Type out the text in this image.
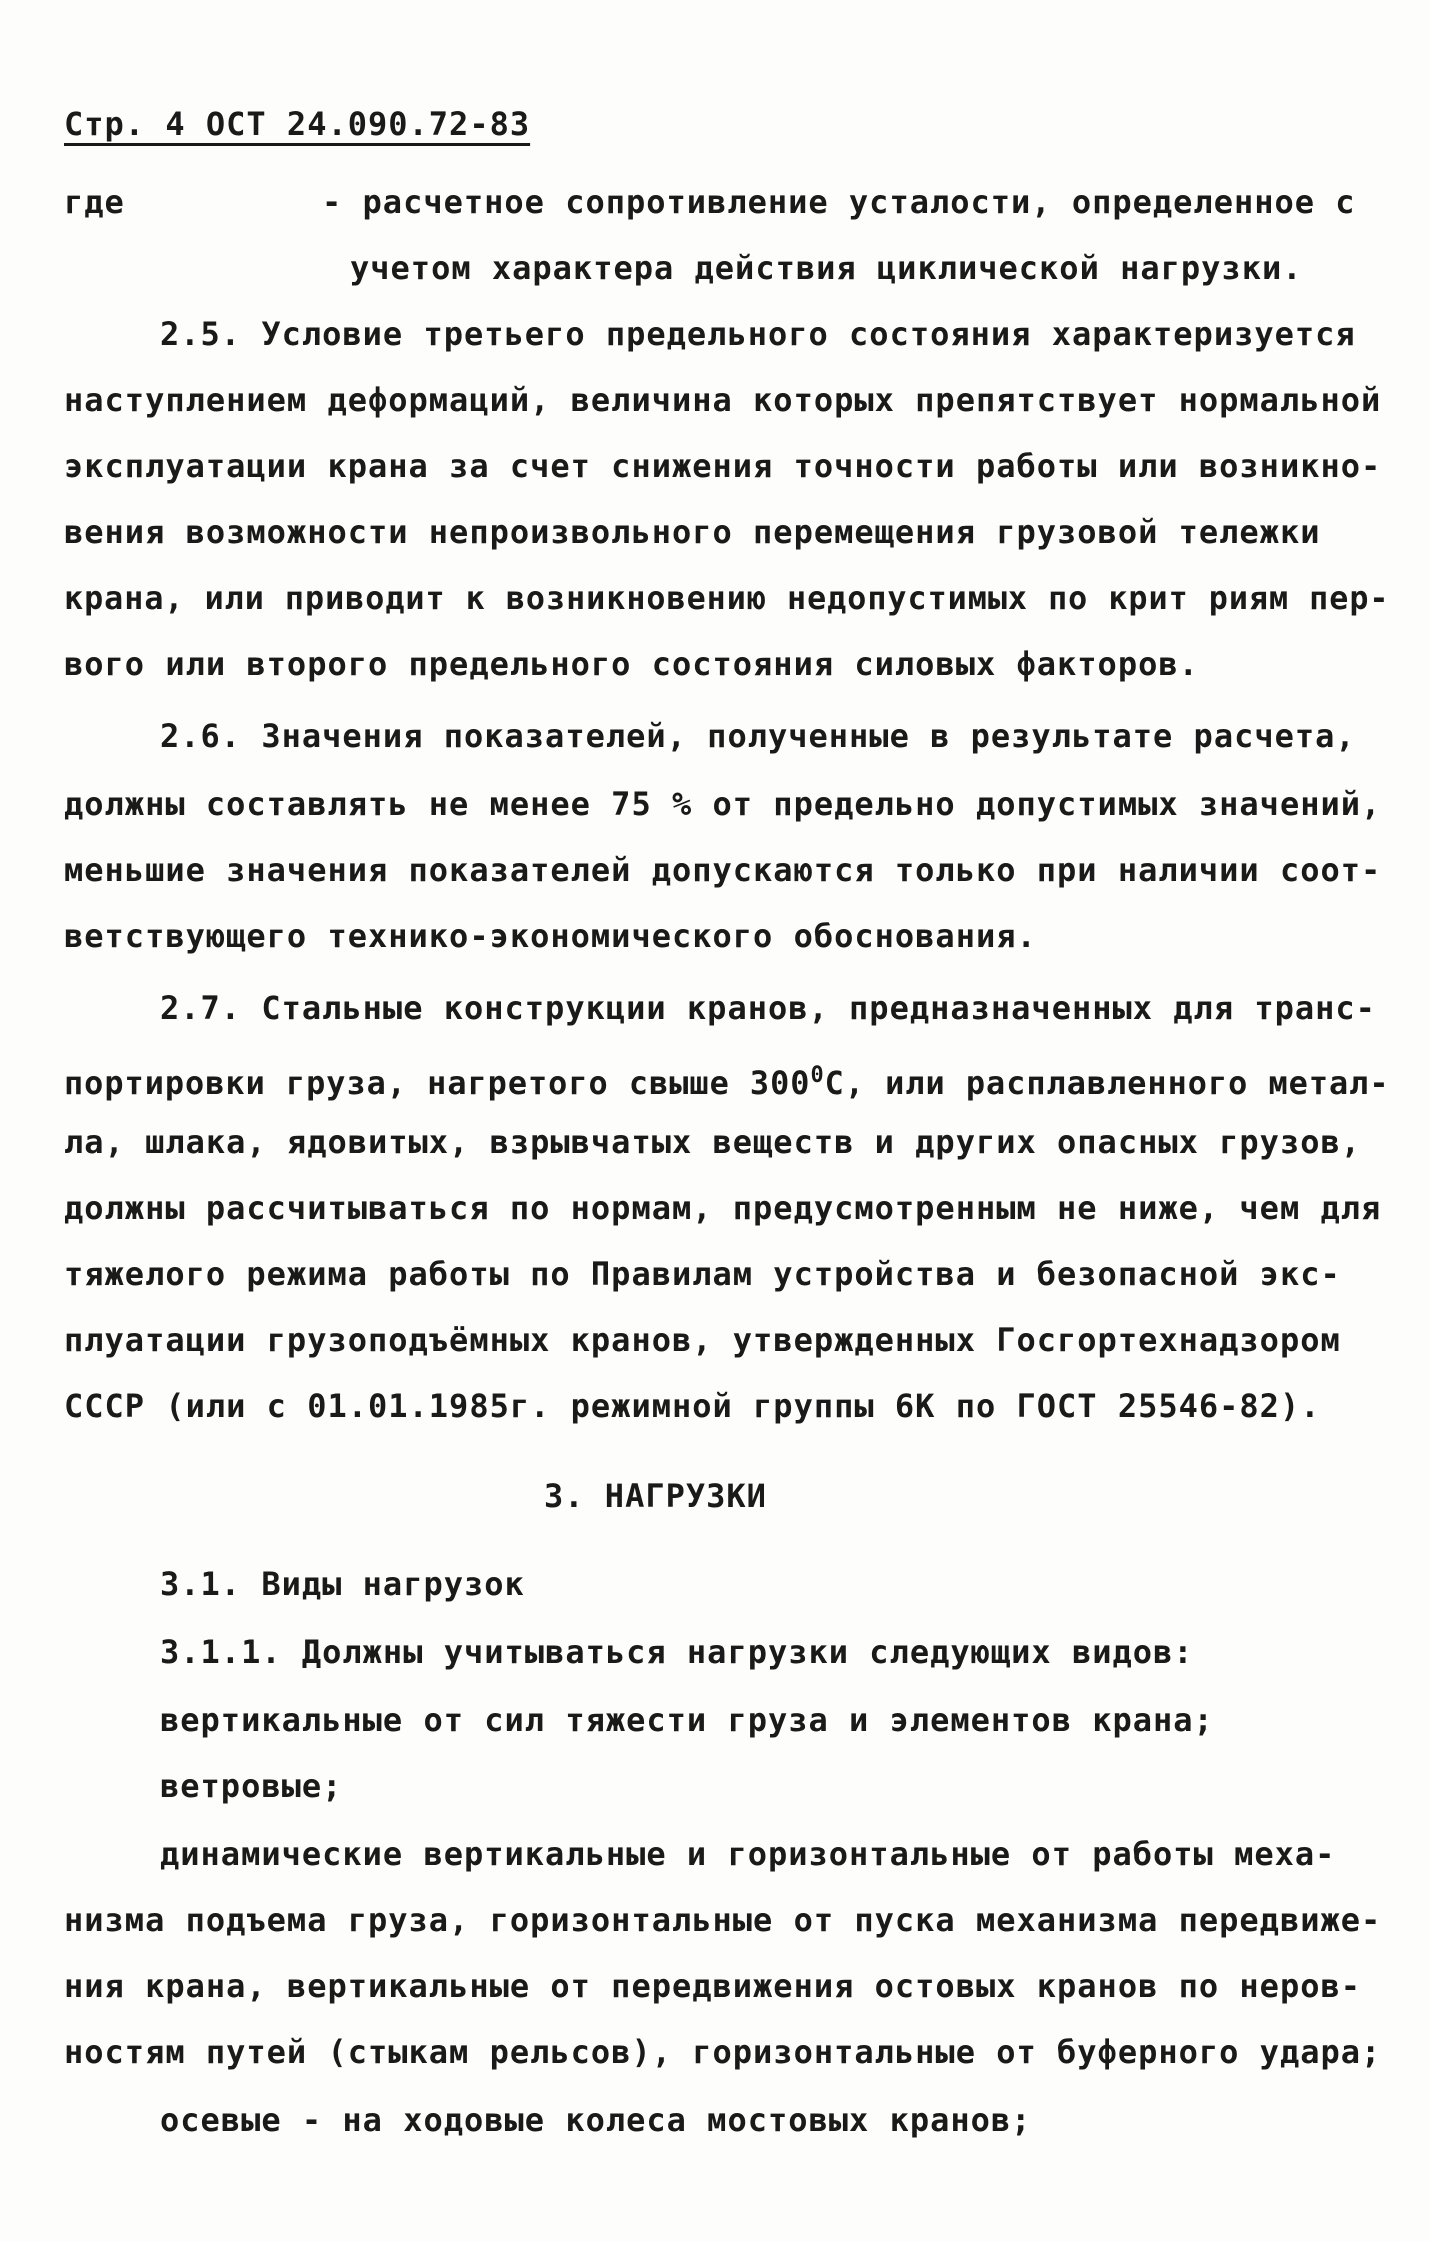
Стр. 4 ОСТ 24.090.72-83
где	- расчетное сопротивление усталости, определенное с
учетом характера действия циклической нагрузки.
2.5. Условие третьего предельного состояния характеризуется
наступлением деформаций, величина которых препятствует нормальной
эксплуатации крана за счет снижения точности работы или возникно-
вения возможности непроизвольного перемещения грузовой тележки
крана, или приводит к возникновению недопустимых по крит риям пер-
вого или второго предельного состояния силовых факторов.
2.6. Значения показателей, полученные в результате расчета,
должны составлять не менее 75 % от предельно допустимых значений,
меньшие значения показателей допускаются только при наличии соот-
ветствующего технико-экономического обоснования.
2.7. Стальные конструкции кранов, предназначенных для транс-
портировки груза, нагретого свыше $300^0С$, или расплавленного метал-
ла, шлака, ядовитых, взрывчатых веществ и других опасных грузов,
должны рассчитываться по нормам, предусмотренным не ниже, чем для
тяжелого режима работы по Правилам устройства и безопасной экс-
плуатации грузоподъёмных кранов, утвержденных Госгортехнадзором
СССР (или с 01.01.1985г. режимной группы 6К по ГОСТ 25546-82).
3. НАГРУЗКИ
3.1. Виды нагрузок
3.1.1. Должны учитываться нагрузки следующих видов:
вертикальные от сил тяжести груза и элементов крана;
ветровые;
динамические вертикальные и горизонтальные от работы меха-
низма подъема груза, горизонтальные от пуска механизма передвиже-
ния крана, вертикальные от передвижения остовых кранов по неров-
ностям путей (стыкам рельсов), горизонтальные от буферного удара;
осевые - на ходовые колеса мостовых кранов;
